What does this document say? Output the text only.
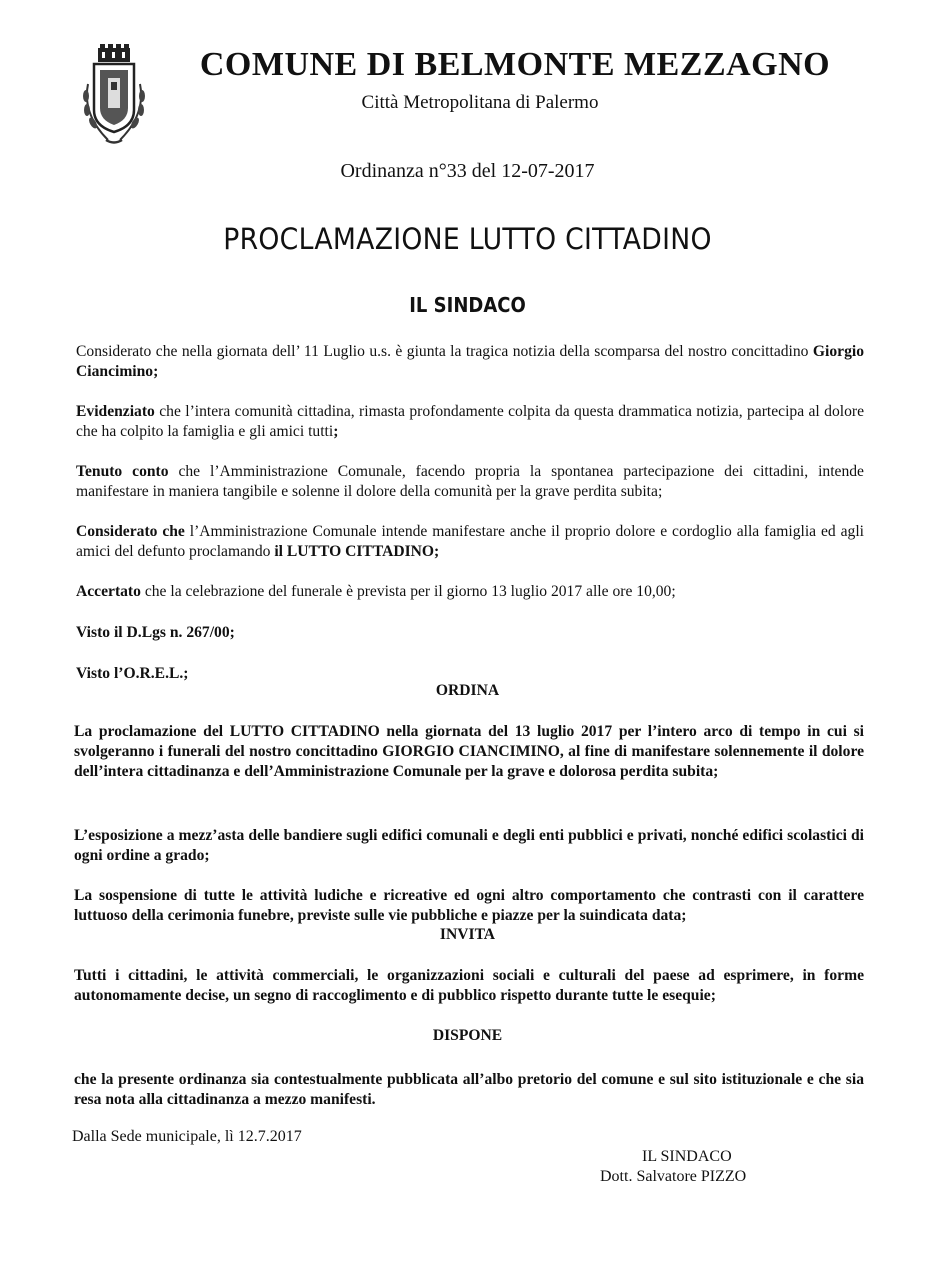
COMUNE DI BELMONTE MEZZAGNO
Città Metropolitana di Palermo
Ordinanza n°33 del 12-07-2017
PROCLAMAZIONE LUTTO CITTADINO
IL SINDACO
Considerato che nella giornata dell’ 11 Luglio u.s. è giunta la tragica notizia della scomparsa del nostro concittadino Giorgio Ciancimino;
Evidenziato che l’intera comunità cittadina, rimasta profondamente colpita da questa drammatica notizia, partecipa al dolore che ha colpito la famiglia e gli amici tutti;
Tenuto conto che l’Amministrazione Comunale, facendo propria la spontanea partecipazione dei cittadini, intende manifestare in maniera tangibile e solenne il dolore della comunità per la grave perdita subita;
Considerato che l’Amministrazione Comunale intende manifestare anche il proprio dolore e cordoglio alla famiglia ed agli amici del defunto proclamando il LUTTO CITTADINO;
Accertato che la celebrazione del funerale è prevista per il giorno 13 luglio 2017 alle ore 10,00;
Visto il D.Lgs n. 267/00;
Visto l’O.R.E.L.;
ORDINA
La proclamazione del LUTTO CITTADINO nella giornata del 13 luglio 2017 per l’intero arco di tempo in cui si svolgeranno i funerali del nostro concittadino GIORGIO CIANCIMINO, al fine di manifestare solennemente il dolore dell’intera cittadinanza e dell’Amministrazione Comunale per la grave e dolorosa perdita subita;
L’esposizione a mezz’asta delle bandiere sugli edifici comunali e degli enti pubblici e privati, nonché edifici scolastici di ogni ordine a grado;
La sospensione di tutte le attività ludiche e ricreative ed ogni altro comportamento che contrasti con il carattere luttuoso della cerimonia funebre, previste sulle vie pubbliche e piazze per la suindicata data;
INVITA
Tutti i cittadini, le attività commerciali, le organizzazioni sociali e culturali del paese ad esprimere, in forme autonomamente decise, un segno di raccoglimento e di pubblico rispetto durante tutte le esequie;
DISPONE
che la presente ordinanza sia contestualmente pubblicata all’albo pretorio del comune e sul sito istituzionale e che sia resa nota alla cittadinanza a mezzo manifesti.
Dalla Sede municipale, lì 12.7.2017
IL SINDACO
Dott. Salvatore PIZZO
